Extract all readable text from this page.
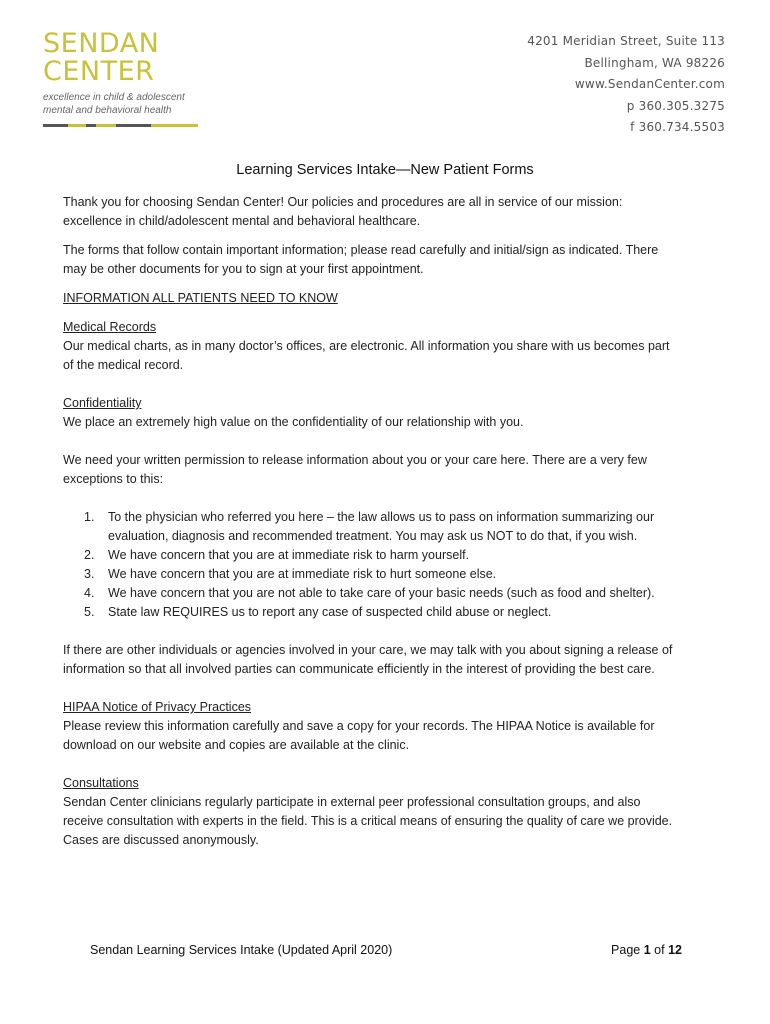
SENDAN
CENTER
excellence in child & adolescent
mental and behavioral health
4201 Meridian Street, Suite 113
Bellingham, WA 98226
www.SendanCenter.com
p 360.305.3275
f 360.734.5503
Learning Services Intake—New Patient Forms

Thank you for choosing Sendan Center! Our policies and procedures are all in service of our mission: excellence in child/adolescent mental and behavioral healthcare.

The forms that follow contain important information; please read carefully and initial/sign as indicated. There may be other documents for you to sign at your first appointment.

INFORMATION ALL PATIENTS NEED TO KNOW

Medical Records

Our medical charts, as in many doctor’s offices, are electronic. All information you share with us becomes part of the medical record.

Confidentiality

We place an extremely high value on the confidentiality of our relationship with you.

We need your written permission to release information about you or your care here. There are a very few exceptions to this:

1. To the physician who referred you here – the law allows us to pass on information summarizing our evaluation, diagnosis and recommended treatment. You may ask us NOT to do that, if you wish.
2. We have concern that you are at immediate risk to harm yourself.
3. We have concern that you are at immediate risk to hurt someone else.
4. We have concern that you are not able to take care of your basic needs (such as food and shelter).
5. State law REQUIRES us to report any case of suspected child abuse or neglect.

If there are other individuals or agencies involved in your care, we may talk with you about signing a release of information so that all involved parties can communicate efficiently in the interest of providing the best care.

HIPAA Notice of Privacy Practices

Please review this information carefully and save a copy for your records. The HIPAA Notice is available for download on our website and copies are available at the clinic.

Consultations

Sendan Center clinicians regularly participate in external peer professional consultation groups, and also receive consultation with experts in the field. This is a critical means of ensuring the quality of care we provide. Cases are discussed anonymously.

Sendan Learning Services Intake (Updated April 2020)	Page 1 of 12
